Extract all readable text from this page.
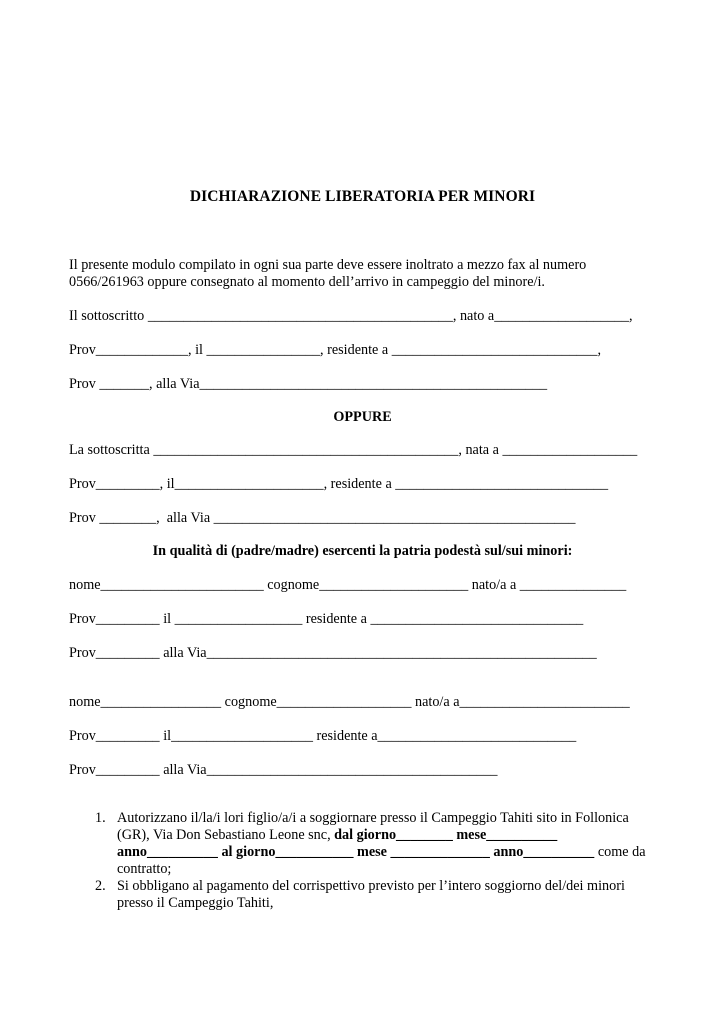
DICHIARAZIONE LIBERATORIA PER MINORI
Il presente modulo compilato in ogni sua parte deve essere inoltrato a mezzo fax al numero 0566/261963 oppure consegnato al momento dell’arrivo in campeggio del minore/i.
Il sottoscritto ___________________________________________, nato a___________________,
Prov_____________, il ________________, residente a _____________________________,
Prov _______, alla Via_________________________________________________
OPPURE
La sottoscritta ___________________________________________, nata a ___________________
Prov_________, il_____________________, residente a ______________________________
Prov ________,  alla Via ___________________________________________________
In qualità di (padre/madre) esercenti la patria podestà sul/sui minori:
nome_______________________ cognome_____________________ nato/a a _______________
Prov_________ il __________________ residente a ______________________________
Prov_________ alla Via_______________________________________________________
nome_________________ cognome___________________ nato/a a________________________
Prov_________ il____________________ residente a____________________________
Prov_________ alla Via_________________________________________
1. Autorizzano il/la/i lori figlio/a/i a soggiornare presso il Campeggio Tahiti sito in Follonica (GR), Via Don Sebastiano Leone snc, dal giorno________ mese__________ anno__________ al giorno___________ mese ______________ anno__________ come da contratto;
2. Si obbligano al pagamento del corrispettivo previsto per l’intero soggiorno del/dei minori presso il Campeggio Tahiti,
